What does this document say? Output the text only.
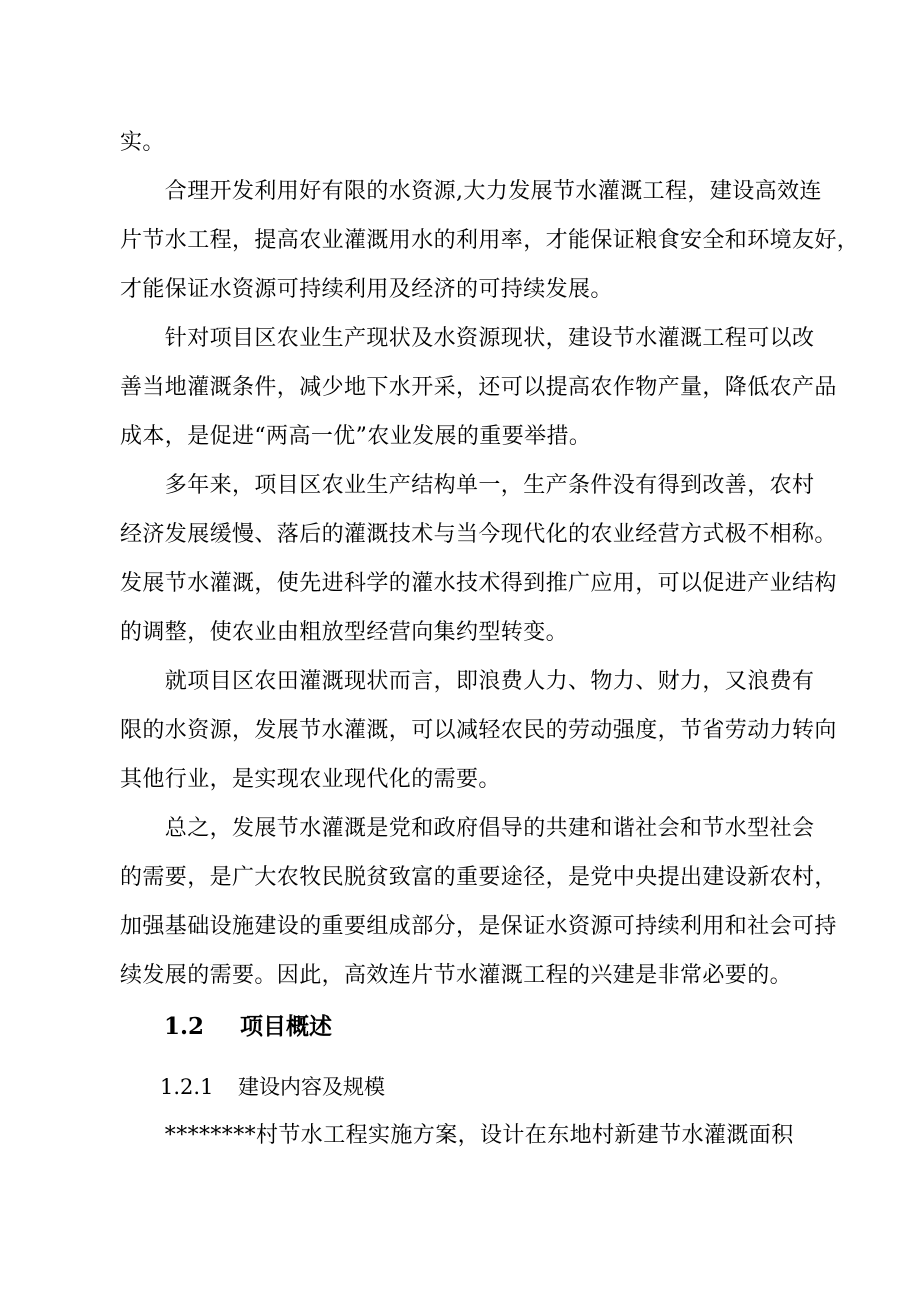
实。
　　合理开发利用好有限的水资源,大力发展节水灌溉工程，建设高效连
片节水工程，提高农业灌溉用水的利用率，才能保证粮食安全和环境友好，
才能保证水资源可持续利用及经济的可持续发展。
　　针对项目区农业生产现状及水资源现状，建设节水灌溉工程可以改
善当地灌溉条件，减少地下水开采，还可以提高农作物产量，降低农产品
成本，是促进“两高一优”农业发展的重要举措。
　　多年来，项目区农业生产结构单一，生产条件没有得到改善，农村
经济发展缓慢、落后的灌溉技术与当今现代化的农业经营方式极不相称。
发展节水灌溉，使先进科学的灌水技术得到推广应用，可以促进产业结构
的调整，使农业由粗放型经营向集约型转变。
　　就项目区农田灌溉现状而言，即浪费人力、物力、财力，又浪费有
限的水资源，发展节水灌溉，可以减轻农民的劳动强度，节省劳动力转向
其他行业，是实现农业现代化的需要。
　　总之，发展节水灌溉是党和政府倡导的共建和谐社会和节水型社会
的需要，是广大农牧民脱贫致富的重要途径，是党中央提出建设新农村，
加强基础设施建设的重要组成部分，是保证水资源可持续利用和社会可持
续发展的需要。因此，高效连片节水灌溉工程的兴建是非常必要的。
1.2 项目概述
1.2.1 建设内容及规模
　　********村节水工程实施方案，设计在东地村新建节水灌溉面积
